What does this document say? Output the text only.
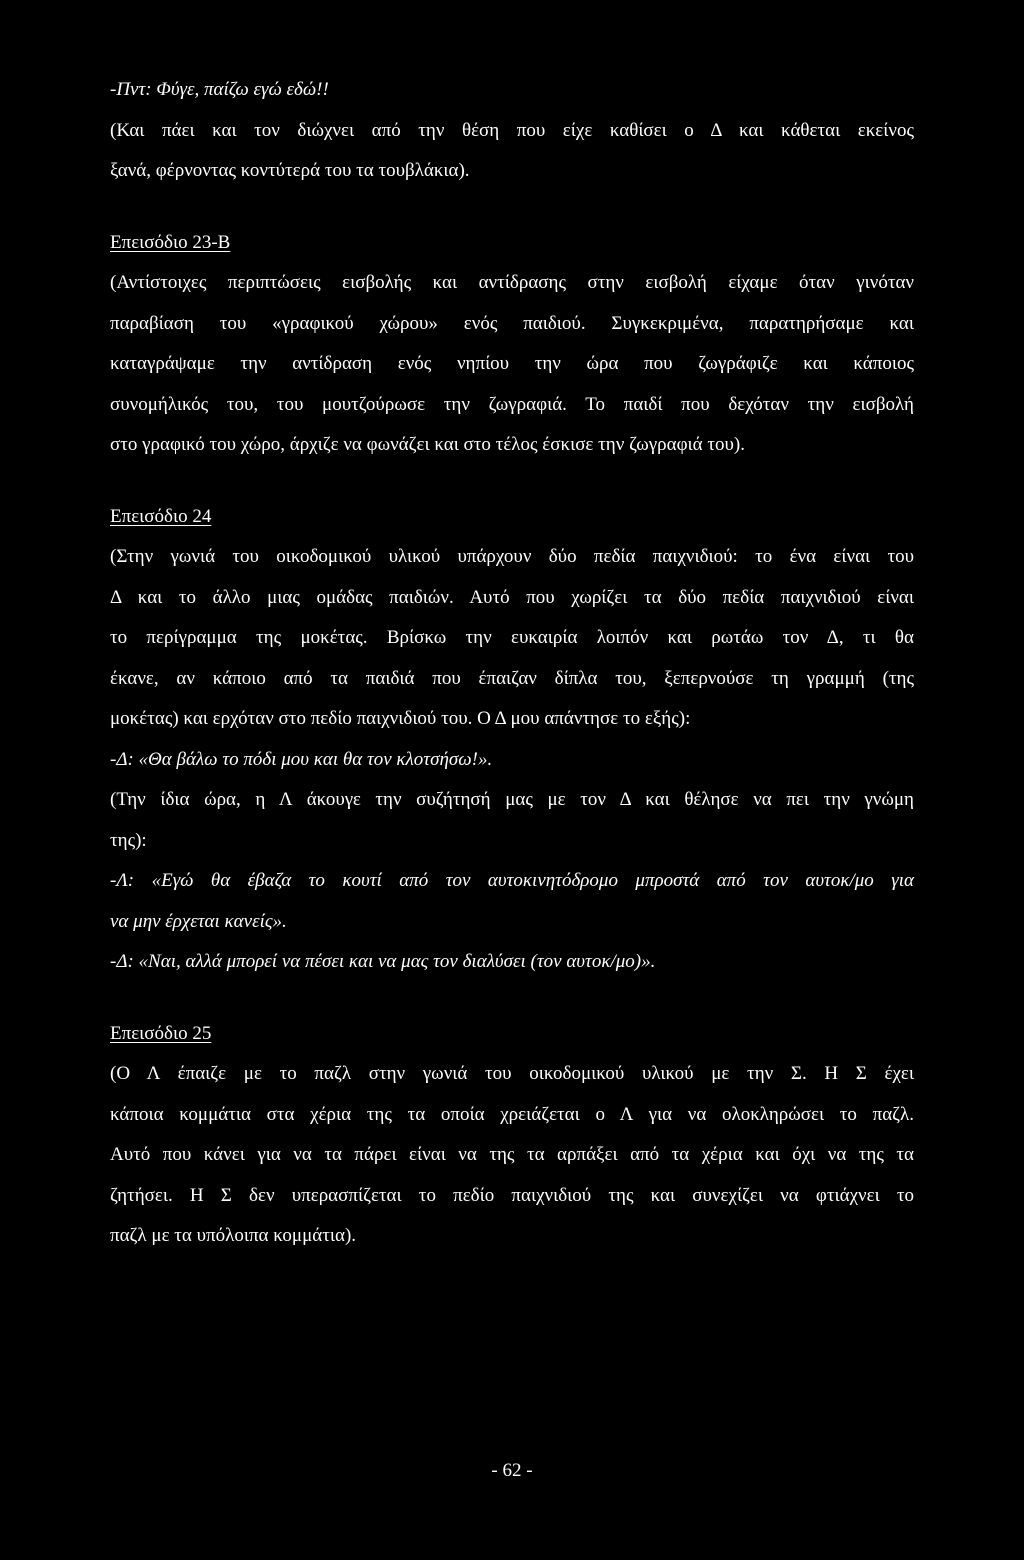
-Πντ: Φύγε, παίζω εγώ εδώ!!
(Και πάει και τον διώχνει από την θέση που είχε καθίσει ο Δ και κάθεται εκείνος
ξανά, φέρνοντας κοντύτερά του τα τουβλάκια).
Επεισόδιο 23-Β
(Αντίστοιχες περιπτώσεις εισβολής και αντίδρασης στην εισβολή είχαμε όταν γινόταν
παραβίαση του «γραφικού χώρου» ενός παιδιού. Συγκεκριμένα, παρατηρήσαμε και
καταγράψαμε την αντίδραση ενός νηπίου την ώρα που ζωγράφιζε και κάποιος
συνομήλικός του, του μουτζούρωσε την ζωγραφιά. Το παιδί που δεχόταν την εισβολή
στο γραφικό του χώρο, άρχιζε να φωνάζει και στο τέλος έσκισε την ζωγραφιά του).
Επεισόδιο 24
(Στην γωνιά του οικοδομικού υλικού υπάρχουν δύο πεδία παιχνιδιού: το ένα είναι του
Δ και το άλλο μιας ομάδας παιδιών. Αυτό που χωρίζει τα δύο πεδία παιχνιδιού είναι
το περίγραμμα της μοκέτας. Βρίσκω την ευκαιρία λοιπόν και ρωτάω τον Δ, τι θα
έκανε, αν κάποιο από τα παιδιά που έπαιζαν δίπλα του, ξεπερνούσε τη γραμμή (της
μοκέτας) και ερχόταν στο πεδίο παιχνιδιού του. Ο Δ μου απάντησε το εξής):
-Δ: «Θα βάλω το πόδι μου και θα τον κλοτσήσω!».
(Την ίδια ώρα, η Λ άκουγε την συζήτησή μας με τον Δ και θέλησε να πει την γνώμη
της):
-Λ: «Εγώ θα έβαζα το κουτί από τον αυτοκινητόδρομο μπροστά από τον αυτοκ/μο για
να μην έρχεται κανείς».
-Δ: «Ναι, αλλά μπορεί να πέσει και να μας τον διαλύσει (τον αυτοκ/μο)».
Επεισόδιο 25
(Ο Λ έπαιζε με το παζλ στην γωνιά του οικοδομικού υλικού με την Σ. Η Σ έχει
κάποια κομμάτια στα χέρια της τα οποία χρειάζεται ο Λ για να ολοκληρώσει το παζλ.
Αυτό που κάνει για να τα πάρει είναι να της τα αρπάξει από τα χέρια και όχι να της τα
ζητήσει. Η Σ δεν υπερασπίζεται το πεδίο παιχνιδιού της και συνεχίζει να φτιάχνει το
παζλ με τα υπόλοιπα κομμάτια).
- 62 -
